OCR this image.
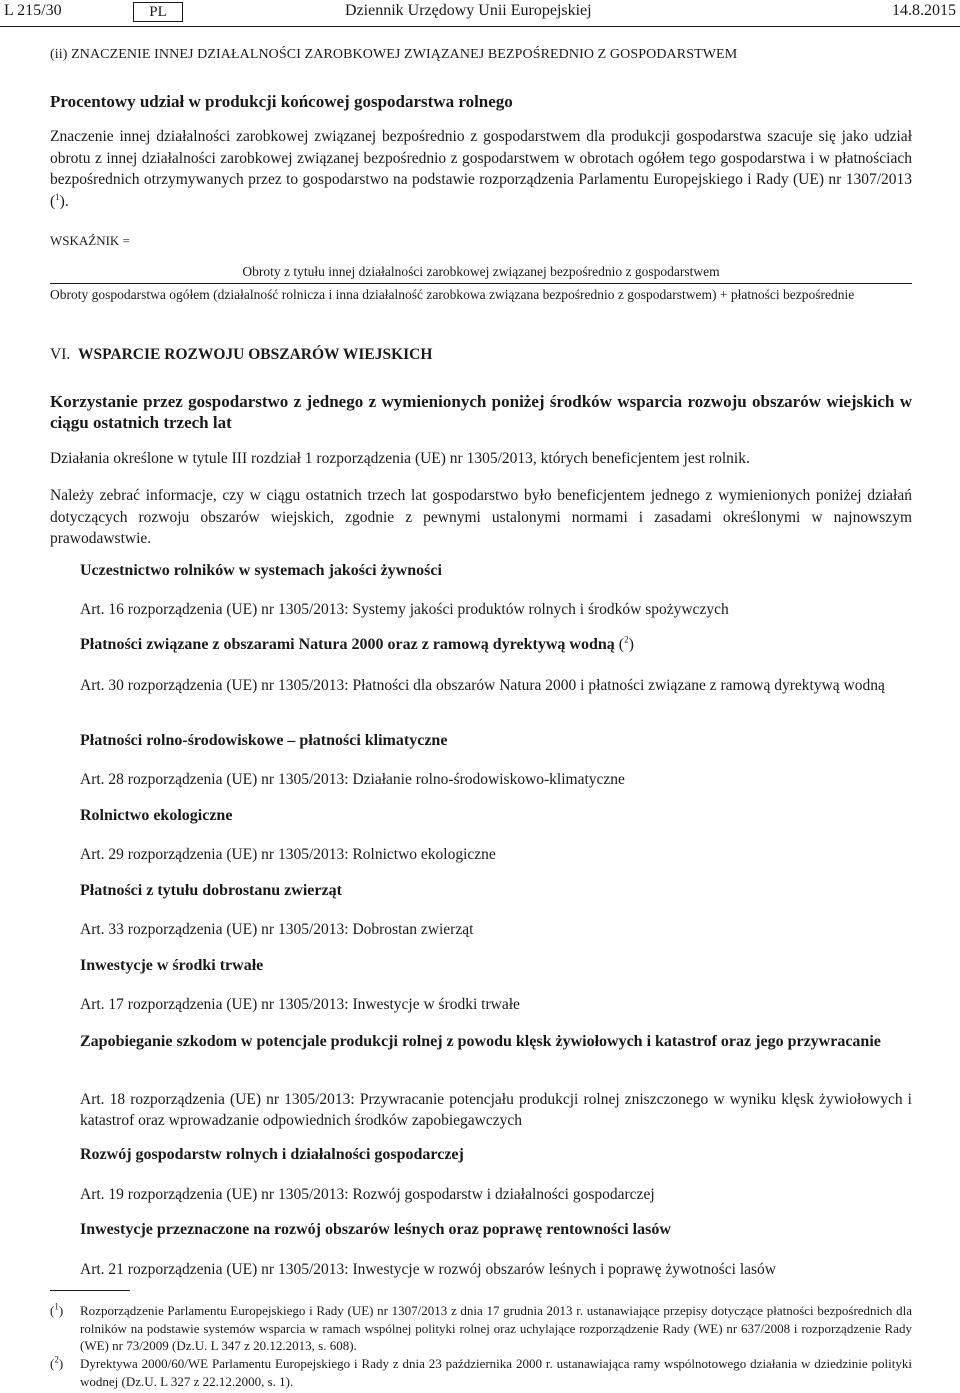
L 215/30	PL	Dziennik Urzędowy Unii Europejskiej	14.8.2015
(ii) ZNACZENIE INNEJ DZIAŁALNOŚCI ZAROBKOWEJ ZWIĄZANEJ BEZPOŚREDNIO Z GOSPODARSTWEM
Procentowy udział w produkcji końcowej gospodarstwa rolnego
Znaczenie innej działalności zarobkowej związanej bezpośrednio z gospodarstwem dla produkcji gospodarstwa szacuje się jako udział obrotu z innej działalności zarobkowej związanej bezpośrednio z gospodarstwem w obrotach ogółem tego gospodarstwa i w płatnościach bezpośrednich otrzymywanych przez to gospodarstwo na podstawie rozporządzenia Parlamentu Europejskiego i Rady (UE) nr 1307/2013 ($^1$).
WSKAŹNIK =
Obroty z tytułu innej działalności zarobkowej związanej bezpośrednio z gospodarstwem
Obroty gospodarstwa ogółem (działalność rolnicza i inna działalność zarobkowa związana bezpośrednio z gospodarstwem) + płatności bezpośrednie
VI. WSPARCIE ROZWOJU OBSZARÓW WIEJSKICH
Korzystanie przez gospodarstwo z jednego z wymienionych poniżej środków wsparcia rozwoju obszarów wiejskich w ciągu ostatnich trzech lat
Działania określone w tytule III rozdział 1 rozporządzenia (UE) nr 1305/2013, których beneficjentem jest rolnik.
Należy zebrać informacje, czy w ciągu ostatnich trzech lat gospodarstwo było beneficjentem jednego z wymienionych poniżej działań dotyczących rozwoju obszarów wiejskich, zgodnie z pewnymi ustalonymi normami i zasadami określonymi w najnowszym prawodawstwie.
Uczestnictwo rolników w systemach jakości żywności
Art. 16 rozporządzenia (UE) nr 1305/2013: Systemy jakości produktów rolnych i środków spożywczych
Płatności związane z obszarami Natura 2000 oraz z ramową dyrektywą wodną ($^2$)
Art. 30 rozporządzenia (UE) nr 1305/2013: Płatności dla obszarów Natura 2000 i płatności związane z ramową dyrektywą wodną
Płatności rolno-środowiskowe – płatności klimatyczne
Art. 28 rozporządzenia (UE) nr 1305/2013: Działanie rolno-środowiskowo-klimatyczne
Rolnictwo ekologiczne
Art. 29 rozporządzenia (UE) nr 1305/2013: Rolnictwo ekologiczne
Płatności z tytułu dobrostanu zwierząt
Art. 33 rozporządzenia (UE) nr 1305/2013: Dobrostan zwierząt
Inwestycje w środki trwałe
Art. 17 rozporządzenia (UE) nr 1305/2013: Inwestycje w środki trwałe
Zapobieganie szkodom w potencjale produkcji rolnej z powodu klęsk żywiołowych i katastrof oraz jego przywracanie
Art. 18 rozporządzenia (UE) nr 1305/2013: Przywracanie potencjału produkcji rolnej zniszczonego w wyniku klęsk żywiołowych i katastrof oraz wprowadzanie odpowiednich środków zapobiegawczych
Rozwój gospodarstw rolnych i działalności gospodarczej
Art. 19 rozporządzenia (UE) nr 1305/2013: Rozwój gospodarstw i działalności gospodarczej
Inwestycje przeznaczone na rozwój obszarów leśnych oraz poprawę rentowności lasów
Art. 21 rozporządzenia (UE) nr 1305/2013: Inwestycje w rozwój obszarów leśnych i poprawę żywotności lasów
($^1$)	Rozporządzenie Parlamentu Europejskiego i Rady (UE) nr 1307/2013 z dnia 17 grudnia 2013 r. ustanawiające przepisy dotyczące płatności bezpośrednich dla rolników na podstawie systemów wsparcia w ramach wspólnej polityki rolnej oraz uchylające rozporządzenie Rady (WE) nr 637/2008 i rozporządzenie Rady (WE) nr 73/2009 (Dz.U. L 347 z 20.12.2013, s. 608).
($^2$)	Dyrektywa 2000/60/WE Parlamentu Europejskiego i Rady z dnia 23 października 2000 r. ustanawiająca ramy wspólnotowego działania w dziedzinie polityki wodnej (Dz.U. L 327 z 22.12.2000, s. 1).
